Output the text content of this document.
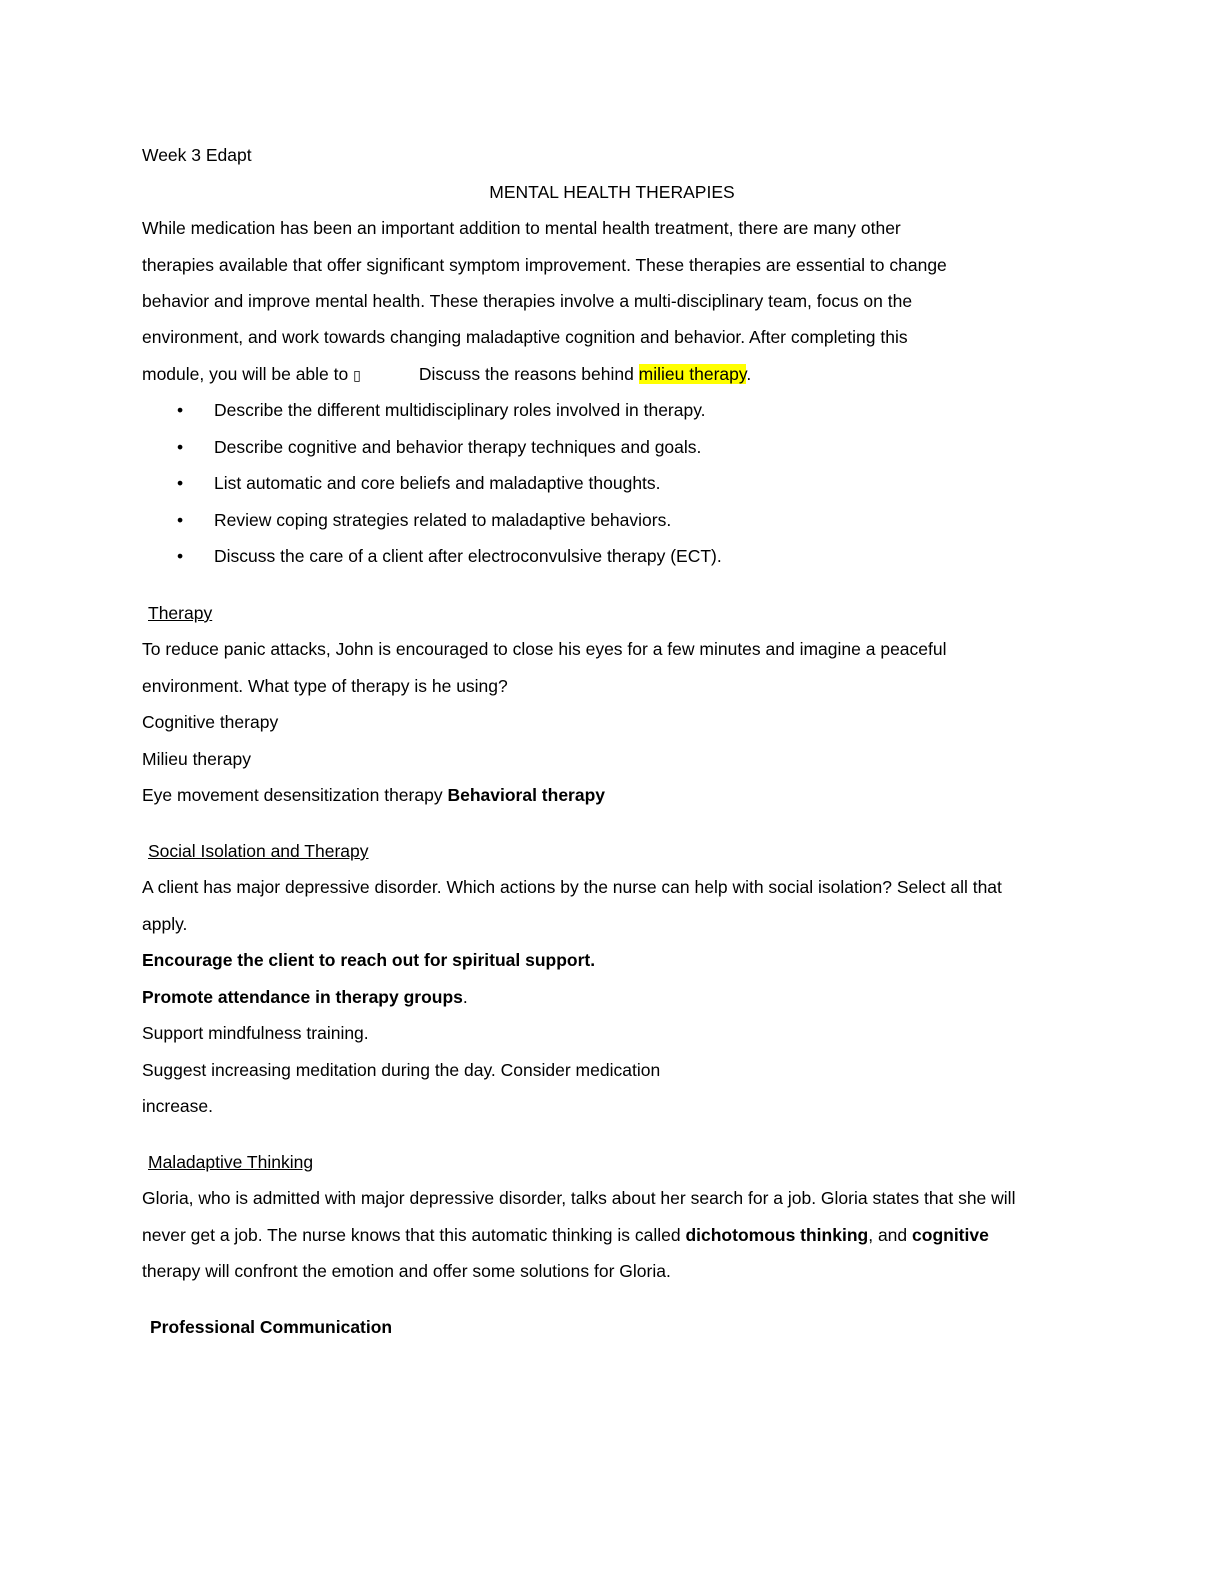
Week 3 Edapt
MENTAL HEALTH THERAPIES
While medication has been an important addition to mental health treatment, there are many other
therapies available that offer significant symptom improvement. These therapies are essential to change
behavior and improve mental health. These therapies involve a multi-disciplinary team, focus on the
environment, and work towards changing maladaptive cognition and behavior. After completing this
module, you will be able to ▯	Discuss the reasons behind milieu therapy.
• Describe the different multidisciplinary roles involved in therapy.
• Describe cognitive and behavior therapy techniques and goals.
• List automatic and core beliefs and maladaptive thoughts.
• Review coping strategies related to maladaptive behaviors.
• Discuss the care of a client after electroconvulsive therapy (ECT).
Therapy
To reduce panic attacks, John is encouraged to close his eyes for a few minutes and imagine a peaceful
environment. What type of therapy is he using?
Cognitive therapy
Milieu therapy
Eye movement desensitization therapy Behavioral therapy
Social Isolation and Therapy
A client has major depressive disorder. Which actions by the nurse can help with social isolation? Select all that
apply.
Encourage the client to reach out for spiritual support.
Promote attendance in therapy groups.
Support mindfulness training.
Suggest increasing meditation during the day. Consider medication
increase.
Maladaptive Thinking
Gloria, who is admitted with major depressive disorder, talks about her search for a job. Gloria states that she will
never get a job. The nurse knows that this automatic thinking is called dichotomous thinking, and cognitive
therapy will confront the emotion and offer some solutions for Gloria.
Professional Communication
